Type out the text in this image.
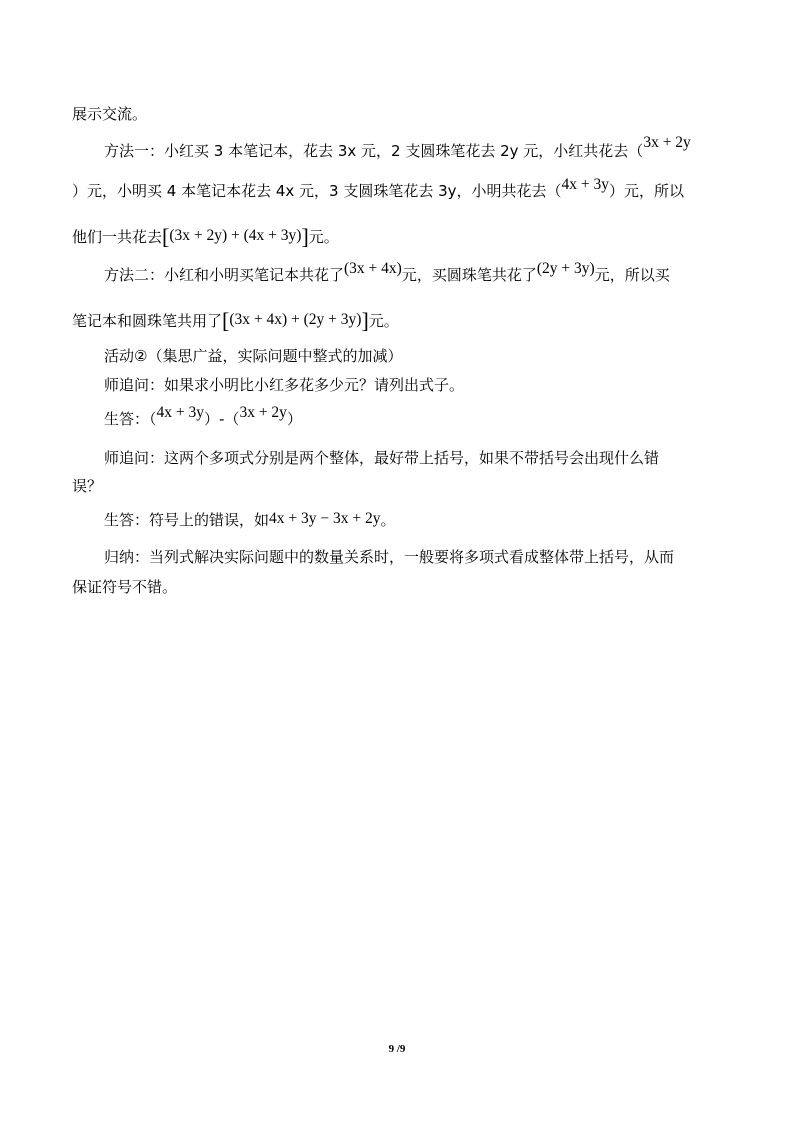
展示交流。
方法一：小红买 3 本笔记本，花去 3x 元，2 支圆珠笔花去 2y 元，小红共花去（3x + 2y
）元，小明买 4 本笔记本花去 4x 元，3 支圆珠笔花去 3y，小明共花去（4x + 3y）元，所以
他们一共花去[(3x + 2y) + (4x + 3y)]元。
方法二：小红和小明买笔记本共花了(3x + 4x)元，买圆珠笔共花了(2y + 3y)元，所以买
笔记本和圆珠笔共用了[(3x + 4x) + (2y + 3y)]元。
活动②（集思广益，实际问题中整式的加减）
师追问：如果求小明比小红多花多少元？请列出式子。
生答：（4x + 3y）-（3x + 2y）
师追问：这两个多项式分别是两个整体，最好带上括号，如果不带括号会出现什么错
误？
生答：符号上的错误，如4x + 3y − 3x + 2y。
归纳：当列式解决实际问题中的数量关系时，一般要将多项式看成整体带上括号，从而
保证符号不错。
9 /9
